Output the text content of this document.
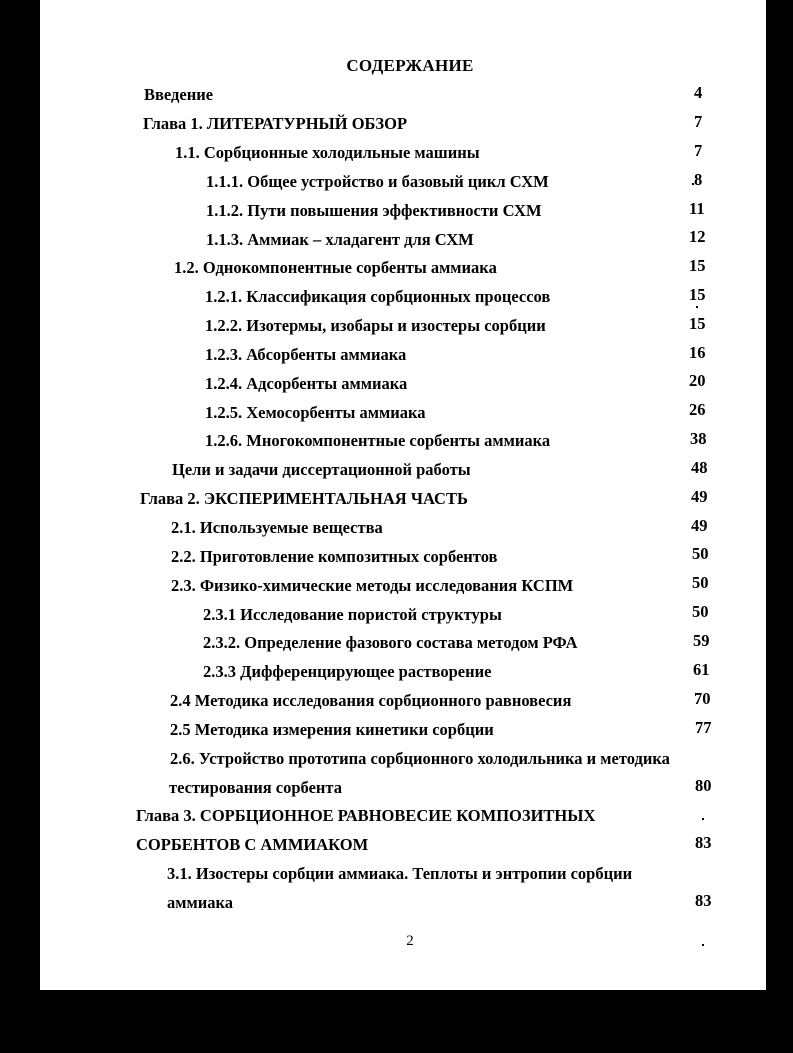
СОДЕРЖАНИЕ
Введение	4
Глава 1. ЛИТЕРАТУРНЫЙ ОБЗОР	7
1.1. Сорбционные холодильные машины	7
1.1.1. Общее устройство и базовый цикл СХМ	8
1.1.2. Пути повышения эффективности СХМ	11
1.1.3. Аммиак – хладагент для СХМ	12
1.2. Однокомпонентные сорбенты аммиака	15
1.2.1. Классификация сорбционных процессов	15
1.2.2. Изотермы, изобары и изостеры сорбции	15
1.2.3. Абсорбенты аммиака	16
1.2.4. Адсорбенты аммиака	20
1.2.5. Хемосорбенты аммиака	26
1.2.6. Многокомпонентные сорбенты аммиака	38
Цели и задачи диссертационной работы	48
Глава 2. ЭКСПЕРИМЕНТАЛЬНАЯ ЧАСТЬ	49
2.1. Используемые вещества	49
2.2. Приготовление композитных сорбентов	50
2.3. Физико-химические методы исследования КСПМ	50
2.3.1 Исследование пористой структуры	50
2.3.2. Определение фазового состава методом РФА	59
2.3.3 Дифференцирующее растворение	61
2.4 Методика исследования сорбционного равновесия	70
2.5 Методика измерения кинетики сорбции	77
2.6. Устройство прототипа сорбционного холодильника и методика
тестирования сорбента	80
Глава 3. СОРБЦИОННОЕ РАВНОВЕСИЕ КОМПОЗИТНЫХ
СОРБЕНТОВ С АММИАКОМ	83
3.1. Изостеры сорбции аммиака. Теплоты и энтропии сорбции
аммиака	83
2
